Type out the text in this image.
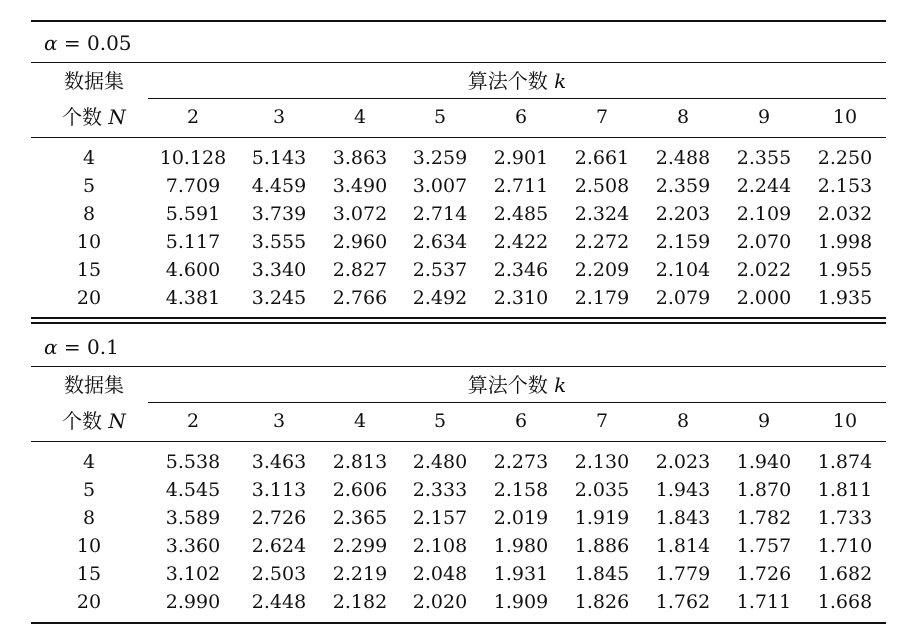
α = 0.05
数据集	算法个数 k
个数 N	2	3	4	5	6	7	8	9	10
4	10.128	5.143	3.863	3.259	2.901	2.661	2.488	2.355	2.250
5	7.709	4.459	3.490	3.007	2.711	2.508	2.359	2.244	2.153
8	5.591	3.739	3.072	2.714	2.485	2.324	2.203	2.109	2.032
10	5.117	3.555	2.960	2.634	2.422	2.272	2.159	2.070	1.998
15	4.600	3.340	2.827	2.537	2.346	2.209	2.104	2.022	1.955
20	4.381	3.245	2.766	2.492	2.310	2.179	2.079	2.000	1.935
α = 0.1
数据集	算法个数 k
个数 N	2	3	4	5	6	7	8	9	10
4	5.538	3.463	2.813	2.480	2.273	2.130	2.023	1.940	1.874
5	4.545	3.113	2.606	2.333	2.158	2.035	1.943	1.870	1.811
8	3.589	2.726	2.365	2.157	2.019	1.919	1.843	1.782	1.733
10	3.360	2.624	2.299	2.108	1.980	1.886	1.814	1.757	1.710
15	3.102	2.503	2.219	2.048	1.931	1.845	1.779	1.726	1.682
20	2.990	2.448	2.182	2.020	1.909	1.826	1.762	1.711	1.668
